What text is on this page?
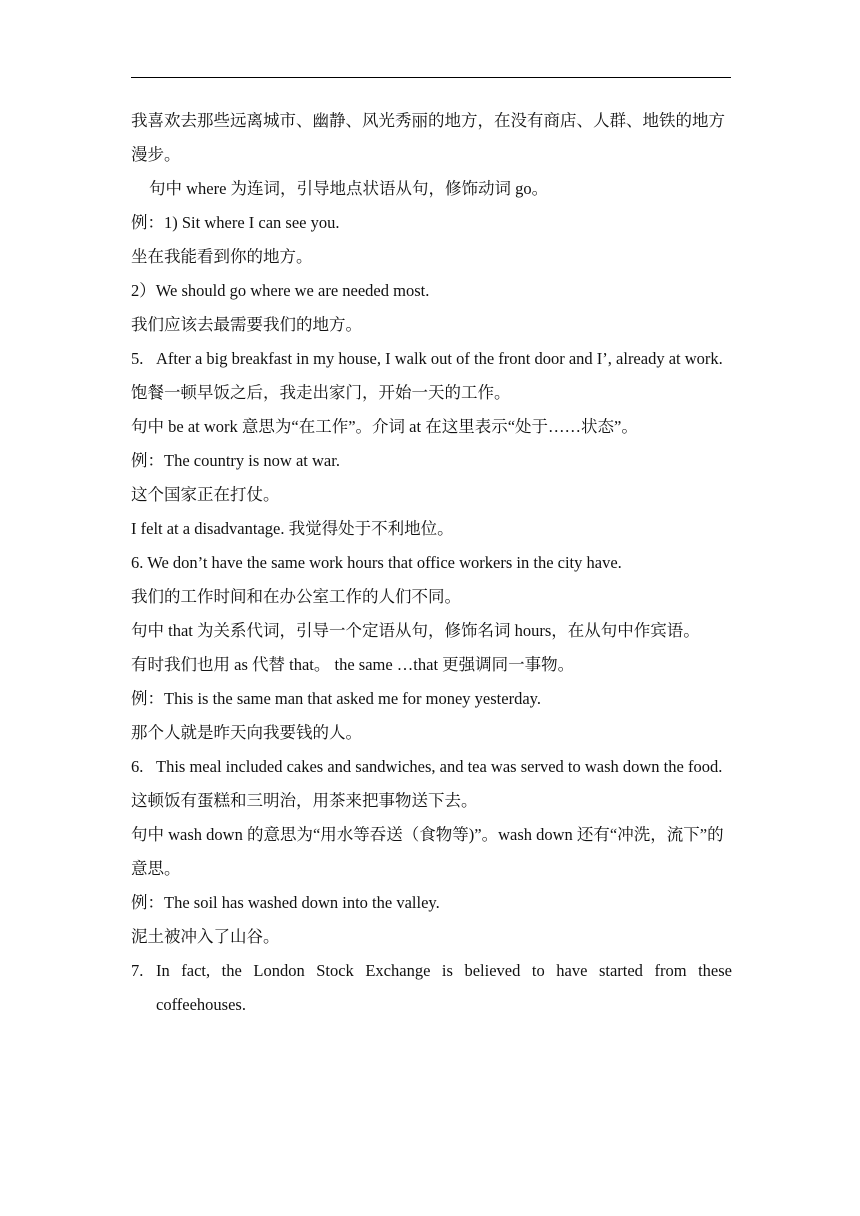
我喜欢去那些远离城市、幽静、风光秀丽的地方，在没有商店、人群、地铁的地方漫步。

句中 where 为连词，引导地点状语从句，修饰动词 go。

例：1) Sit where I can see you.

坐在我能看到你的地方。

2）We should go where we are needed most.

我们应该去最需要我们的地方。

5. After a big breakfast in my house, I walk out of the front door and I’, already at work.

饱餐一顿早饭之后，我走出家门，开始一天的工作。

句中 be at work 意思为“在工作”。介词 at 在这里表示“处于……状态”。

例：The country is now at war.

这个国家正在打仗。

I felt at a disadvantage. 我觉得处于不利地位。

6. We don’t have the same work hours that office workers in the city have.

我们的工作时间和在办公室工作的人们不同。

句中 that 为关系代词，引导一个定语从句，修饰名词 hours，在从句中作宾语。

有时我们也用 as 代替 that。 the same …that 更强调同一事物。

例：This is the same man that asked me for money yesterday.

那个人就是昨天向我要钱的人。

6. This meal included cakes and sandwiches, and tea was served to wash down the food.

这顿饭有蛋糕和三明治，用茶来把事物送下去。

句中 wash down 的意思为“用水等吞送（食物等)”。wash down 还有“冲洗，流下”的意思。

例：The soil has washed down into the valley.

泥土被冲入了山谷。

7. In fact, the London Stock Exchange is believed to have started from these coffeehouses.
